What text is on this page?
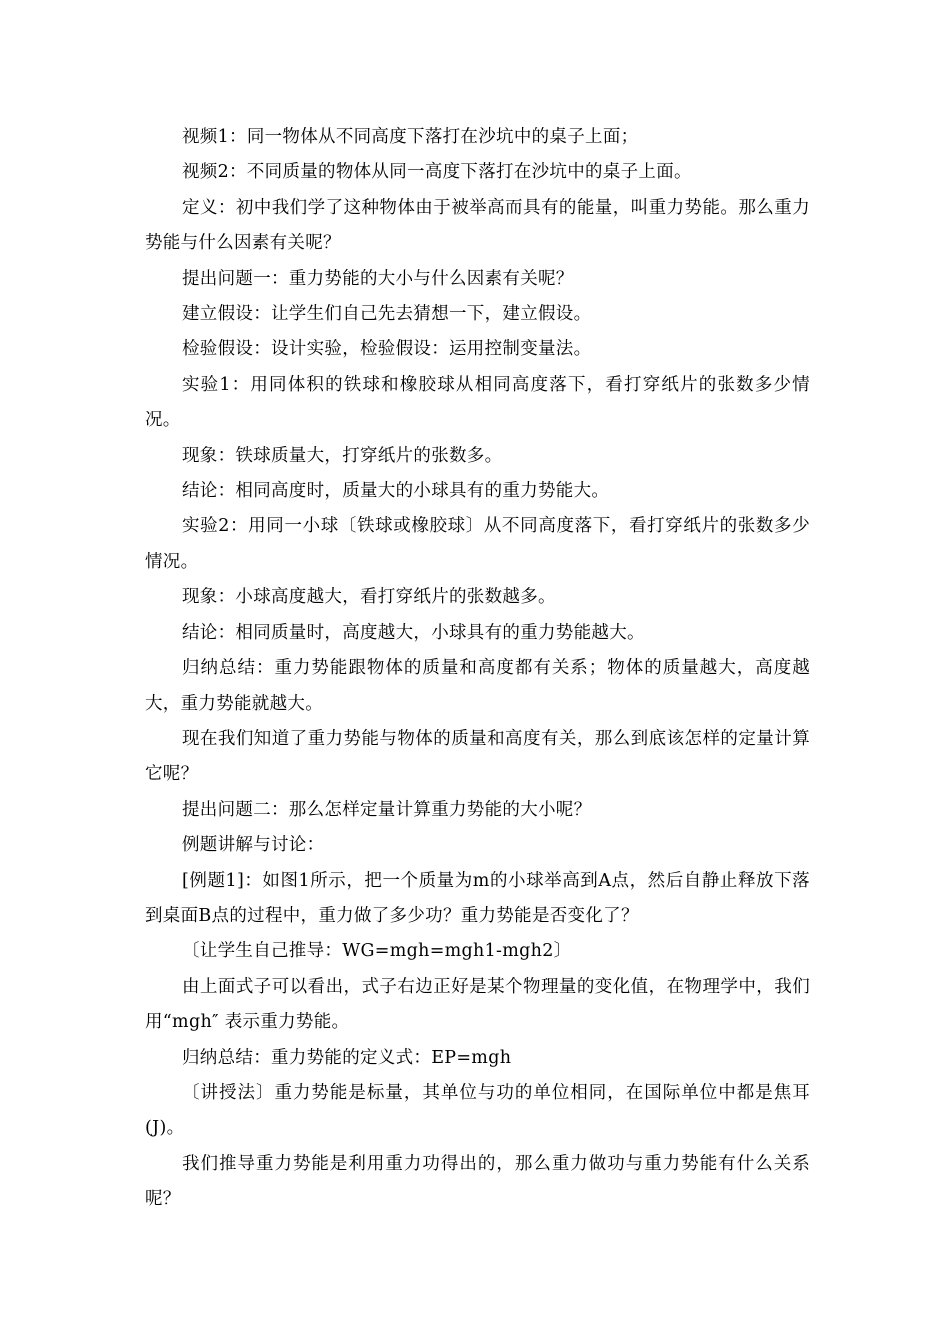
视频1：同一物体从不同高度下落打在沙坑中的桌子上面；

视频2：不同质量的物体从同一高度下落打在沙坑中的桌子上面。

定义：初中我们学了这种物体由于被举高而具有的能量，叫重力势能。那么重力势能与什么因素有关呢？

提出问题一：重力势能的大小与什么因素有关呢？

建立假设：让学生们自己先去猜想一下，建立假设。

检验假设：设计实验，检验假设：运用控制变量法。

实验1：用同体积的铁球和橡胶球从相同高度落下，看打穿纸片的张数多少情况。

现象：铁球质量大，打穿纸片的张数多。

结论：相同高度时，质量大的小球具有的重力势能大。

实验2：用同一小球〔铁球或橡胶球〕从不同高度落下，看打穿纸片的张数多少情况。

现象：小球高度越大，看打穿纸片的张数越多。

结论：相同质量时，高度越大，小球具有的重力势能越大。

归纳总结：重力势能跟物体的质量和高度都有关系；物体的质量越大，高度越大，重力势能就越大。

现在我们知道了重力势能与物体的质量和高度有关，那么到底该怎样的定量计算它呢？

提出问题二：那么怎样定量计算重力势能的大小呢？

例题讲解与讨论：

[例题1]：如图1所示，把一个质量为m的小球举高到A点，然后自静止释放下落到桌面B点的过程中，重力做了多少功？重力势能是否变化了？

〔让学生自己推导：WG=mgh=mgh1-mgh2〕

由上面式子可以看出，式子右边正好是某个物理量的变化值，在物理学中，我们用“mgh″ 表示重力势能。

归纳总结：重力势能的定义式：EP=mgh

〔讲授法〕重力势能是标量，其单位与功的单位相同，在国际单位中都是焦耳(J)。

我们推导重力势能是利用重力功得出的，那么重力做功与重力势能有什么关系呢？
